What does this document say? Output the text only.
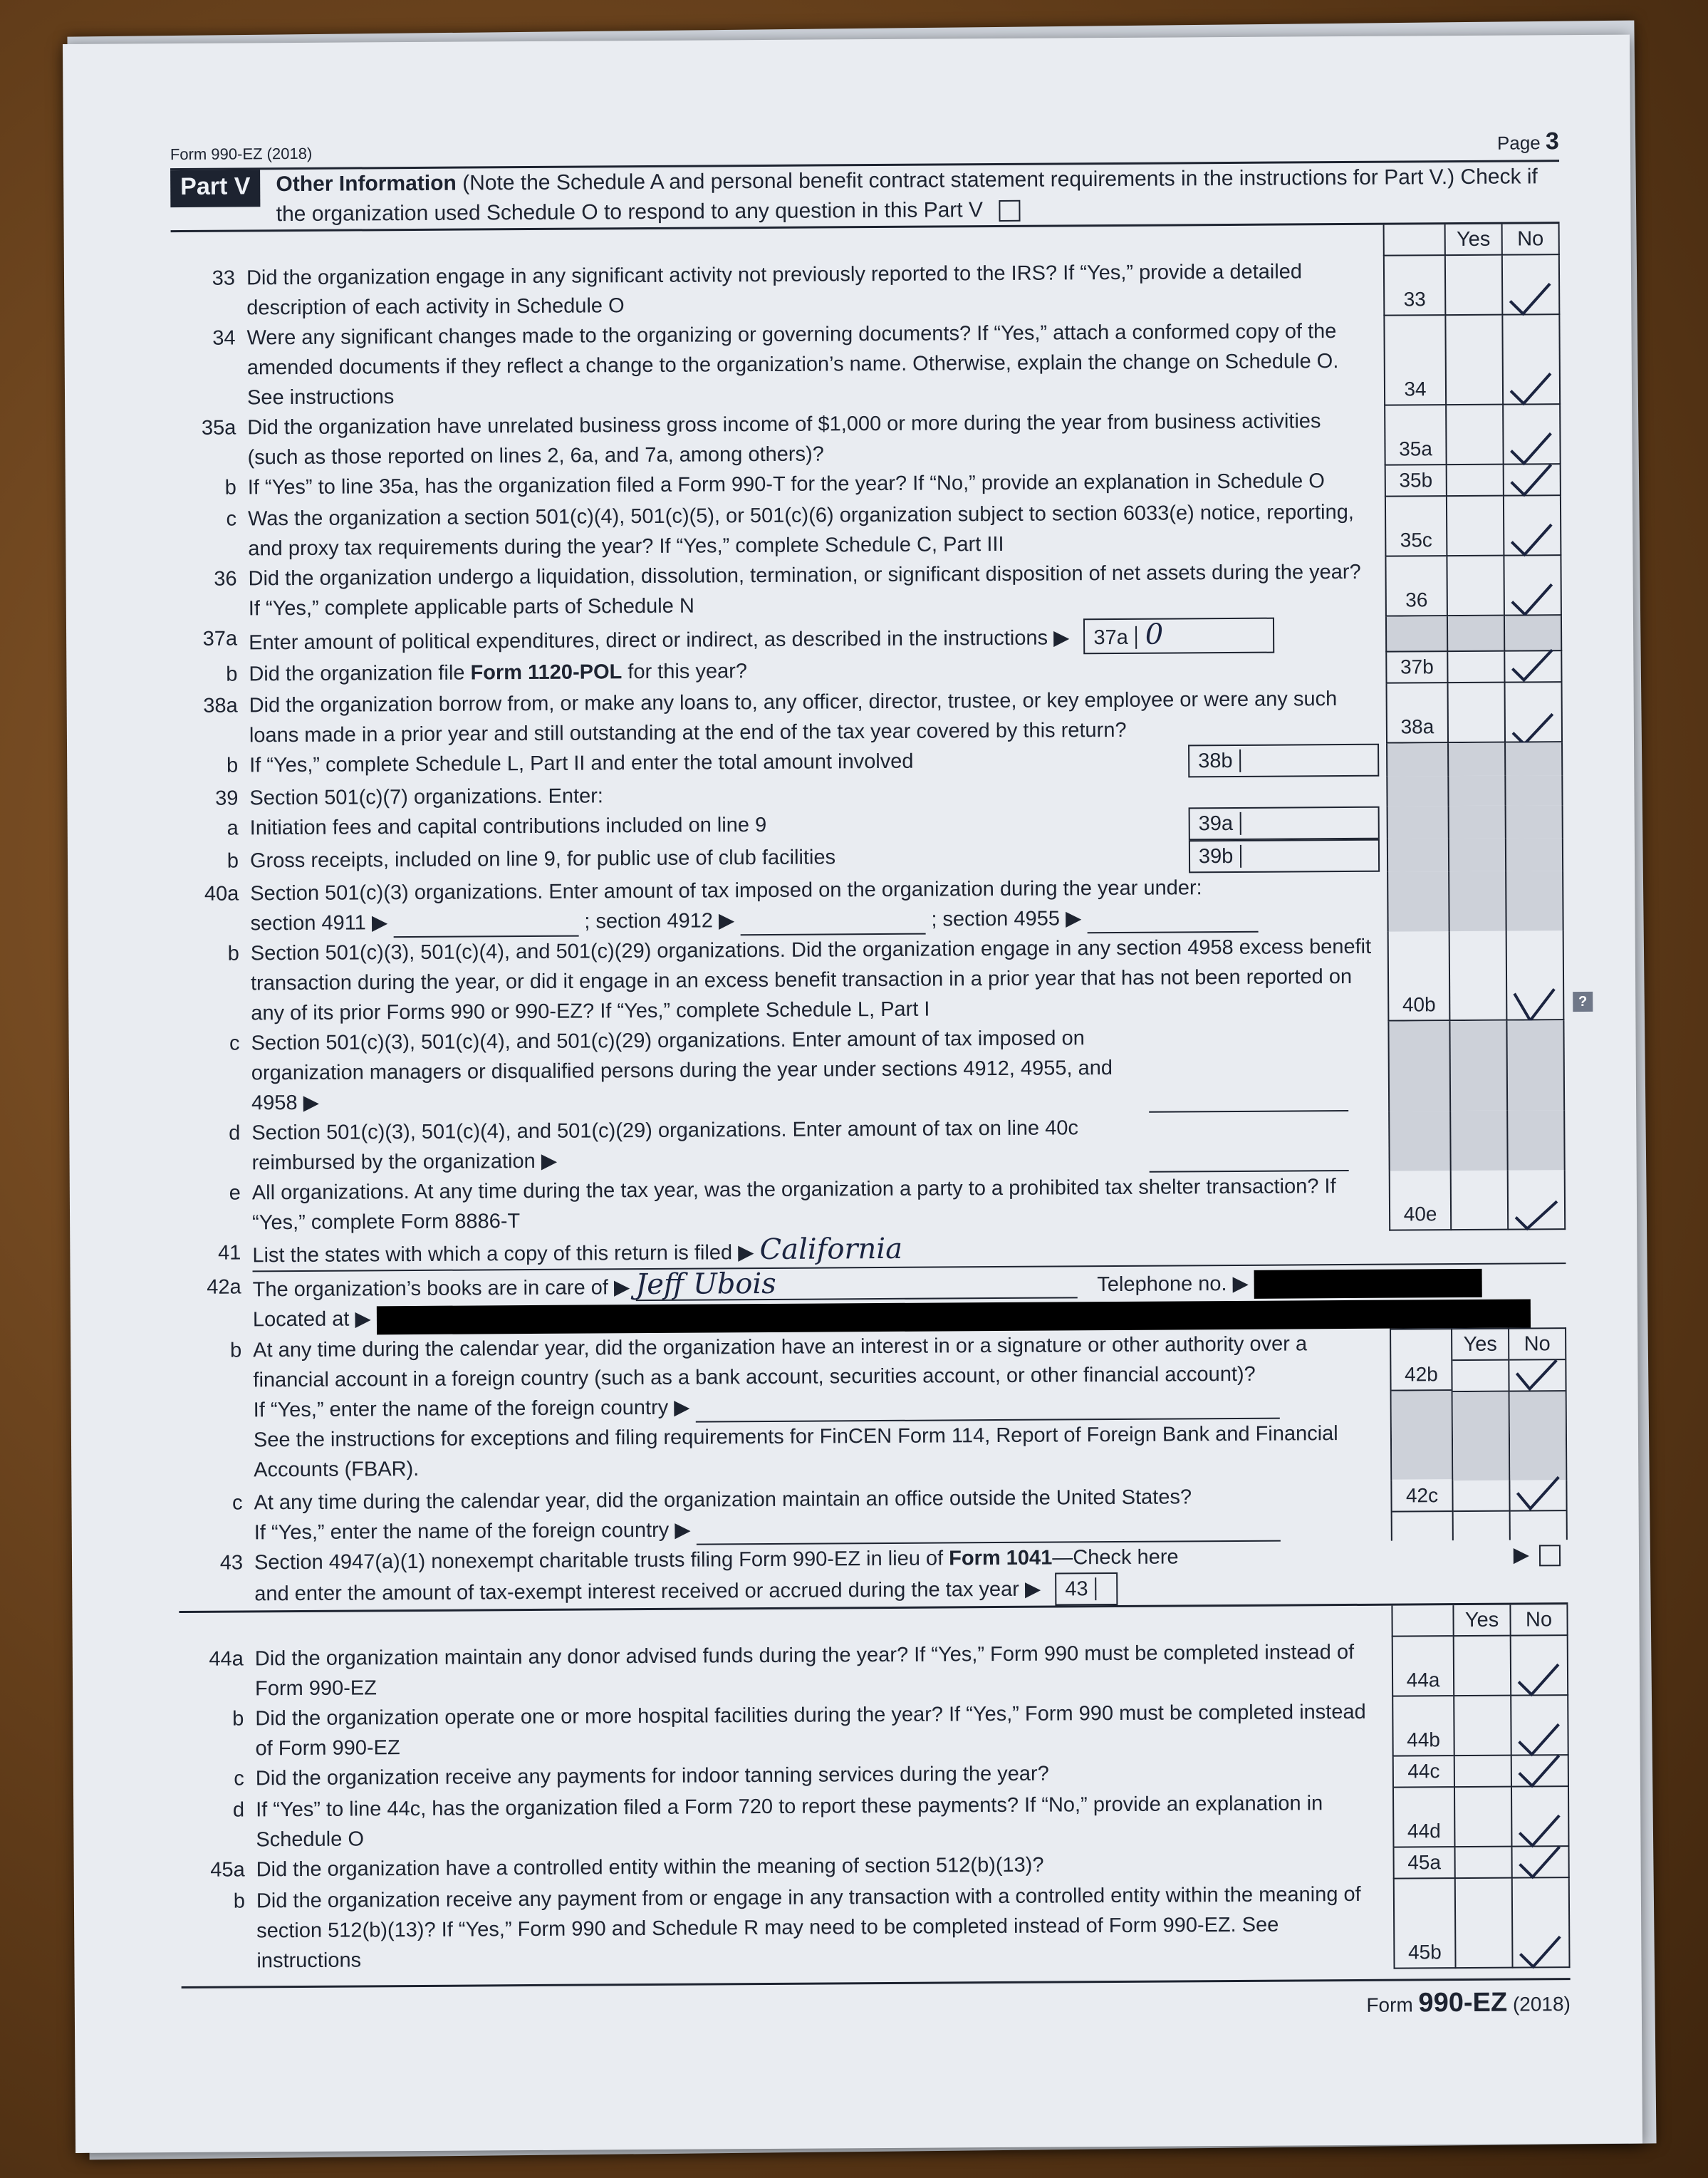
Form 990-EZ (2018)
Page 3
Part V	Other Information (Note the Schedule A and personal benefit contract statement requirements in the instructions for Part V.) Check if the organization used Schedule O to respond to any question in this Part V
Yes	No
33 Did the organization engage in any significant activity not previously reported to the IRS? If “Yes,” provide a detailed description of each activity in Schedule O	33
34 Were any significant changes made to the organizing or governing documents? If “Yes,” attach a conformed copy of the amended documents if they reflect a change to the organization’s name. Otherwise, explain the change on Schedule O. See instructions	34
35a Did the organization have unrelated business gross income of $1,000 or more during the year from business activities (such as those reported on lines 2, 6a, and 7a, among others)?	35a
b If “Yes” to line 35a, has the organization filed a Form 990-T for the year? If “No,” provide an explanation in Schedule O	35b
c Was the organization a section 501(c)(4), 501(c)(5), or 501(c)(6) organization subject to section 6033(e) notice, reporting, and proxy tax requirements during the year? If “Yes,” complete Schedule C, Part III	35c
36 Did the organization undergo a liquidation, dissolution, termination, or significant disposition of net assets during the year? If “Yes,” complete applicable parts of Schedule N	36
37a Enter amount of political expenditures, direct or indirect, as described in the instructions ▶ 37a 0
b Did the organization file Form 1120-POL for this year?	37b
38a Did the organization borrow from, or make any loans to, any officer, director, trustee, or key employee or were any such loans made in a prior year and still outstanding at the end of the tax year covered by this return?	38a
b If “Yes,” complete Schedule L, Part II and enter the total amount involved	38b
39 Section 501(c)(7) organizations. Enter:
a Initiation fees and capital contributions included on line 9	39a
b Gross receipts, included on line 9, for public use of club facilities	39b
40a Section 501(c)(3) organizations. Enter amount of tax imposed on the organization during the year under:
section 4911 ▶	; section 4912 ▶	; section 4955 ▶
b Section 501(c)(3), 501(c)(4), and 501(c)(29) organizations. Did the organization engage in any section 4958 excess benefit transaction during the year, or did it engage in an excess benefit transaction in a prior year that has not been reported on any of its prior Forms 990 or 990-EZ? If “Yes,” complete Schedule L, Part I	40b	?
c Section 501(c)(3), 501(c)(4), and 501(c)(29) organizations. Enter amount of tax imposed on organization managers or disqualified persons during the year under sections 4912, 4955, and 4958 ▶
d Section 501(c)(3), 501(c)(4), and 501(c)(29) organizations. Enter amount of tax on line 40c reimbursed by the organization ▶
e All organizations. At any time during the tax year, was the organization a party to a prohibited tax shelter transaction? If “Yes,” complete Form 8886-T	40e
41 List the states with which a copy of this return is filed ▶ California
42a The organization’s books are in care of ▶ Jeff Ubois	Telephone no. ▶
Located at ▶
b At any time during the calendar year, did the organization have an interest in or a signature or other authority over a financial account in a foreign country (such as a bank account, securities account, or other financial account)?
If “Yes,” enter the name of the foreign country ▶
See the instructions for exceptions and filing requirements for FinCEN Form 114, Report of Foreign Bank and Financial Accounts (FBAR).
42b
Yes	No
c At any time during the calendar year, did the organization maintain an office outside the United States?
If “Yes,” enter the name of the foreign country ▶
42c
43 Section 4947(a)(1) nonexempt charitable trusts filing Form 990-EZ in lieu of Form 1041—Check here	▶

and enter the amount of tax-exempt interest received or accrued during the tax year ▶ 43
Yes	No
44a Did the organization maintain any donor advised funds during the year? If “Yes,” Form 990 must be completed instead of Form 990-EZ	44a
b Did the organization operate one or more hospital facilities during the year? If “Yes,” Form 990 must be completed instead of Form 990-EZ	44b
c Did the organization receive any payments for indoor tanning services during the year?	44c
d If “Yes” to line 44c, has the organization filed a Form 720 to report these payments? If “No,” provide an explanation in Schedule O	44d
45a Did the organization have a controlled entity within the meaning of section 512(b)(13)?	45a
b Did the organization receive any payment from or engage in any transaction with a controlled entity within the meaning of section 512(b)(13)? If “Yes,” Form 990 and Schedule R may need to be completed instead of Form 990-EZ. See instructions	45b
Form 990-EZ (2018)
